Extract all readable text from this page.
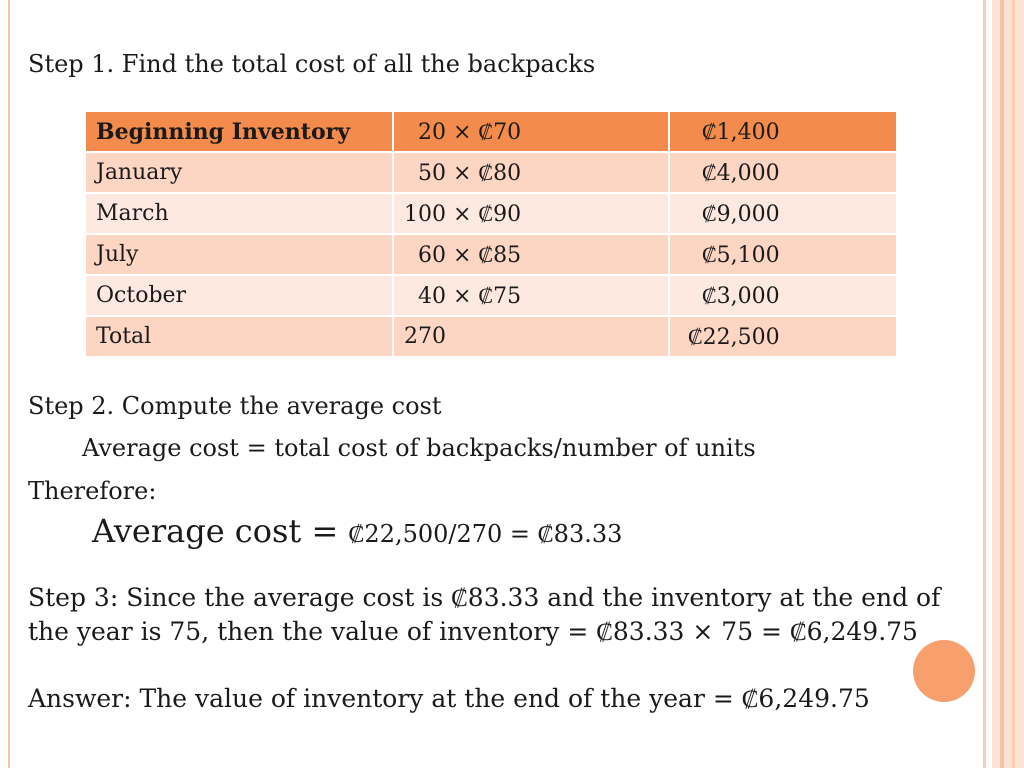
Step 1. Find the total cost of all the backpacks
Beginning Inventory	20 × ₡70	₡1,400
January	50 × ₡80	₡4,000
March	100 × ₡90	₡9,000
July	60 × ₡85	₡5,100
October	40 × ₡75	₡3,000
Total	270	₡22,500
Step 2. Compute the average cost
Average cost = total cost of backpacks/number of units
Therefore:
Average cost = ₡22,500/270 = ₡83.33
Step 3: Since the average cost is ₡83.33 and the inventory at the end of
the year is 75, then the value of inventory = ₡83.33 × 75 = ₡6,249.75
Answer: The value of inventory at the end of the year = ₡6,249.75
